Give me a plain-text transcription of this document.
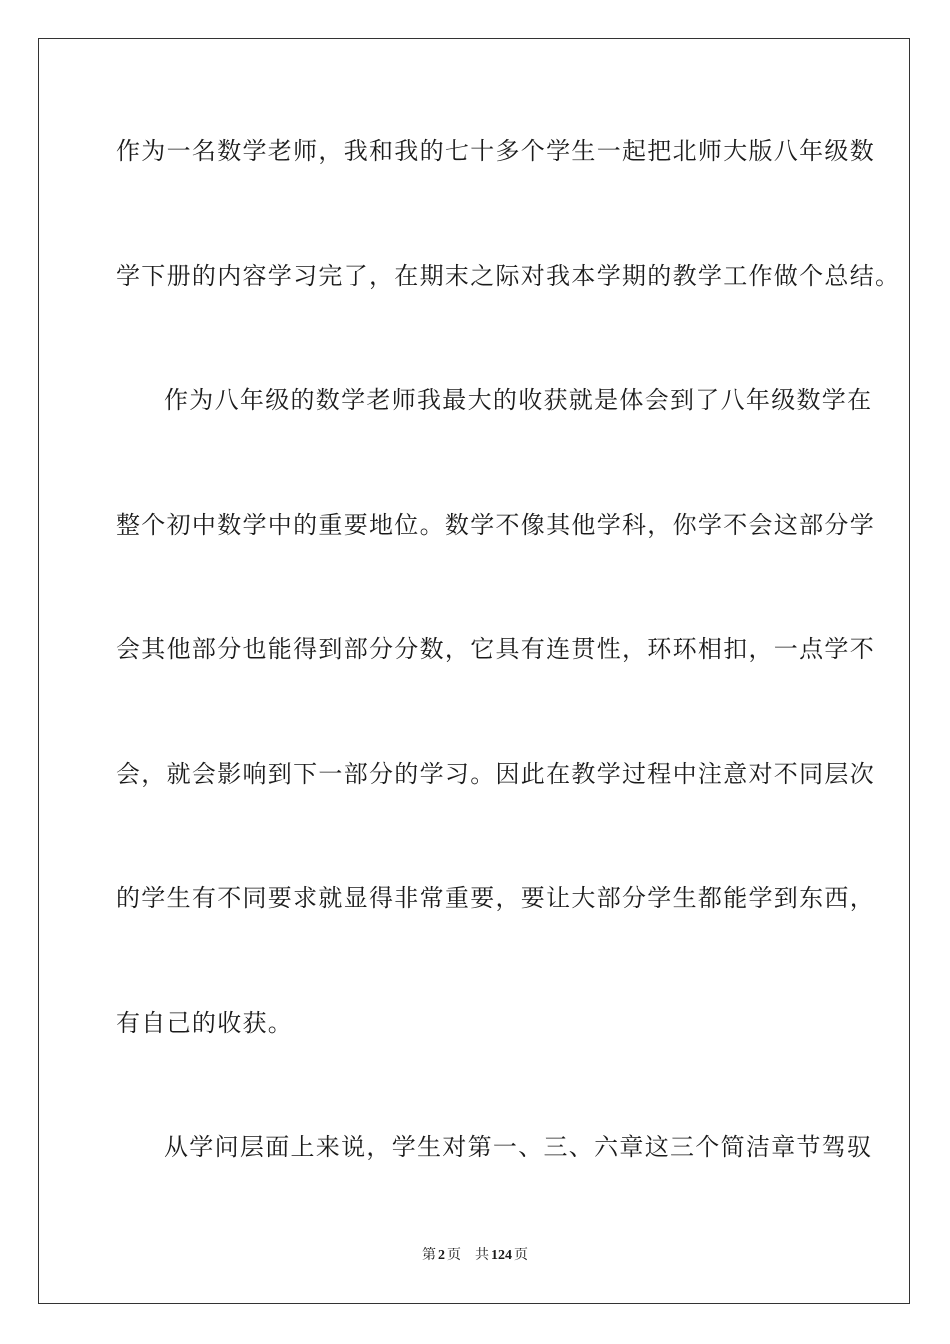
作为一名数学老师，我和我的七十多个学生一起把北师大版八年级数
学下册的内容学习完了，在期末之际对我本学期的教学工作做个总结。
作为八年级的数学老师我最大的收获就是体会到了八年级数学在
整个初中数学中的重要地位。数学不像其他学科，你学不会这部分学
会其他部分也能得到部分分数，它具有连贯性，环环相扣，一点学不
会，就会影响到下一部分的学习。因此在教学过程中注意对不同层次
的学生有不同要求就显得非常重要，要让大部分学生都能学到东西，
有自己的收获。
从学问层面上来说，学生对第一、三、六章这三个简洁章节驾驭
第 2 页 共 124 页
